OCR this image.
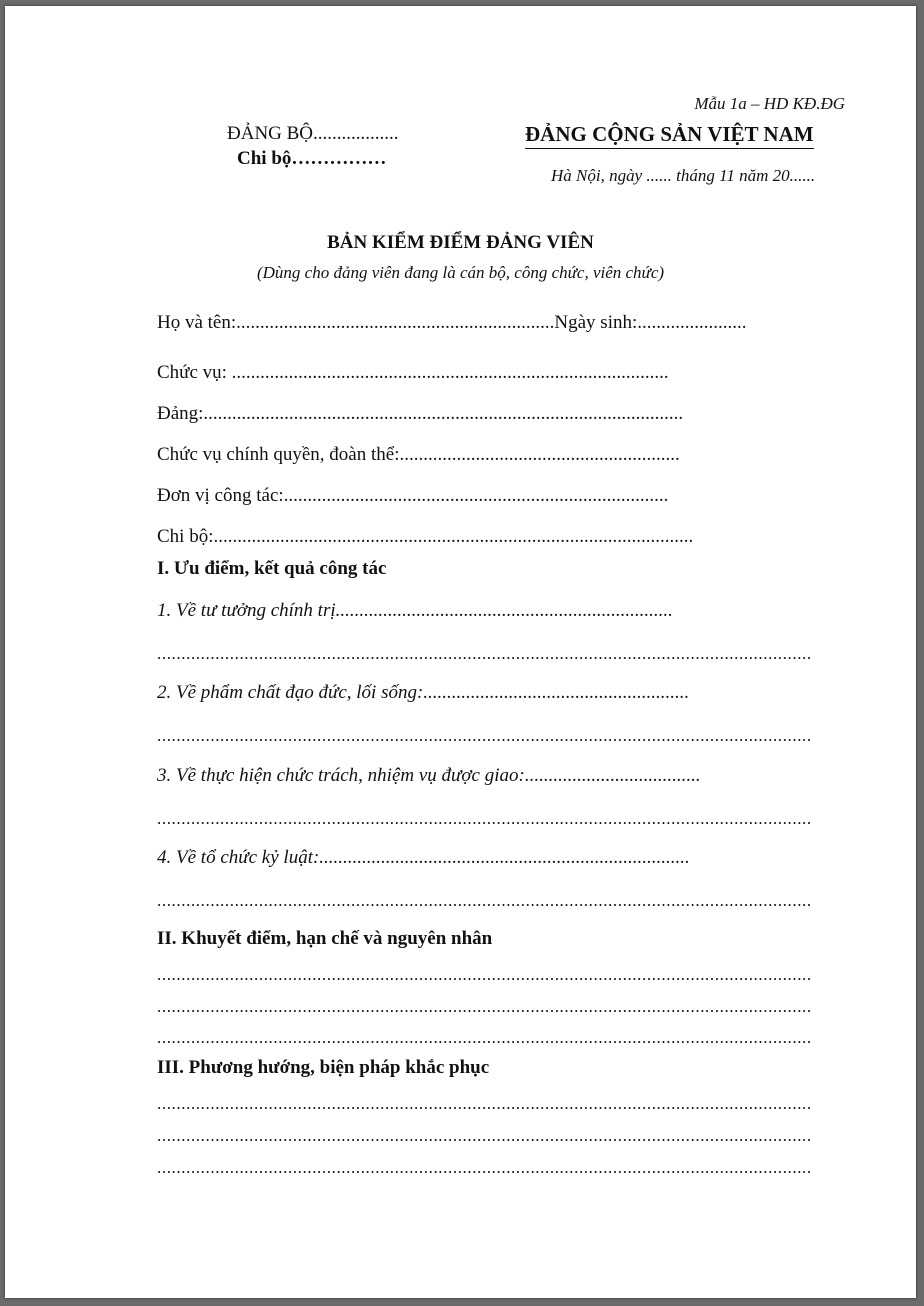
Mẫu 1a – HD KĐ.ĐG
ĐẢNG BỘ..................
Chi bộ……………
ĐẢNG CỘNG SẢN VIỆT NAM
Hà Nội, ngày ...... tháng 11 năm 20......
BẢN KIỂM ĐIỂM ĐẢNG VIÊN
(Dùng cho đảng viên đang là cán bộ, công chức, viên chức)
Họ và tên:...................................................................Ngày sinh:.......................
Chức vụ: ............................................................................................
Đảng:.....................................................................................................
Chức vụ chính quyền, đoàn thể:...........................................................
Đơn vị công tác:.................................................................................
Chi bộ:.....................................................................................................
I. Ưu điểm, kết quả công tác
1. Về tư tưởng chính trị.......................................................................
.......................................................................................................................................
2. Về phẩm chất đạo đức, lối sống:........................................................
.......................................................................................................................................
3. Về thực hiện chức trách, nhiệm vụ được giao:.....................................
.......................................................................................................................................
4. Về tổ chức kỷ luật:..............................................................................
.......................................................................................................................................
II. Khuyết điểm, hạn chế và nguyên nhân
.......................................................................................................................................
.......................................................................................................................................
.......................................................................................................................................
III. Phương hướng, biện pháp khắc phục
.......................................................................................................................................
.......................................................................................................................................
.......................................................................................................................................
